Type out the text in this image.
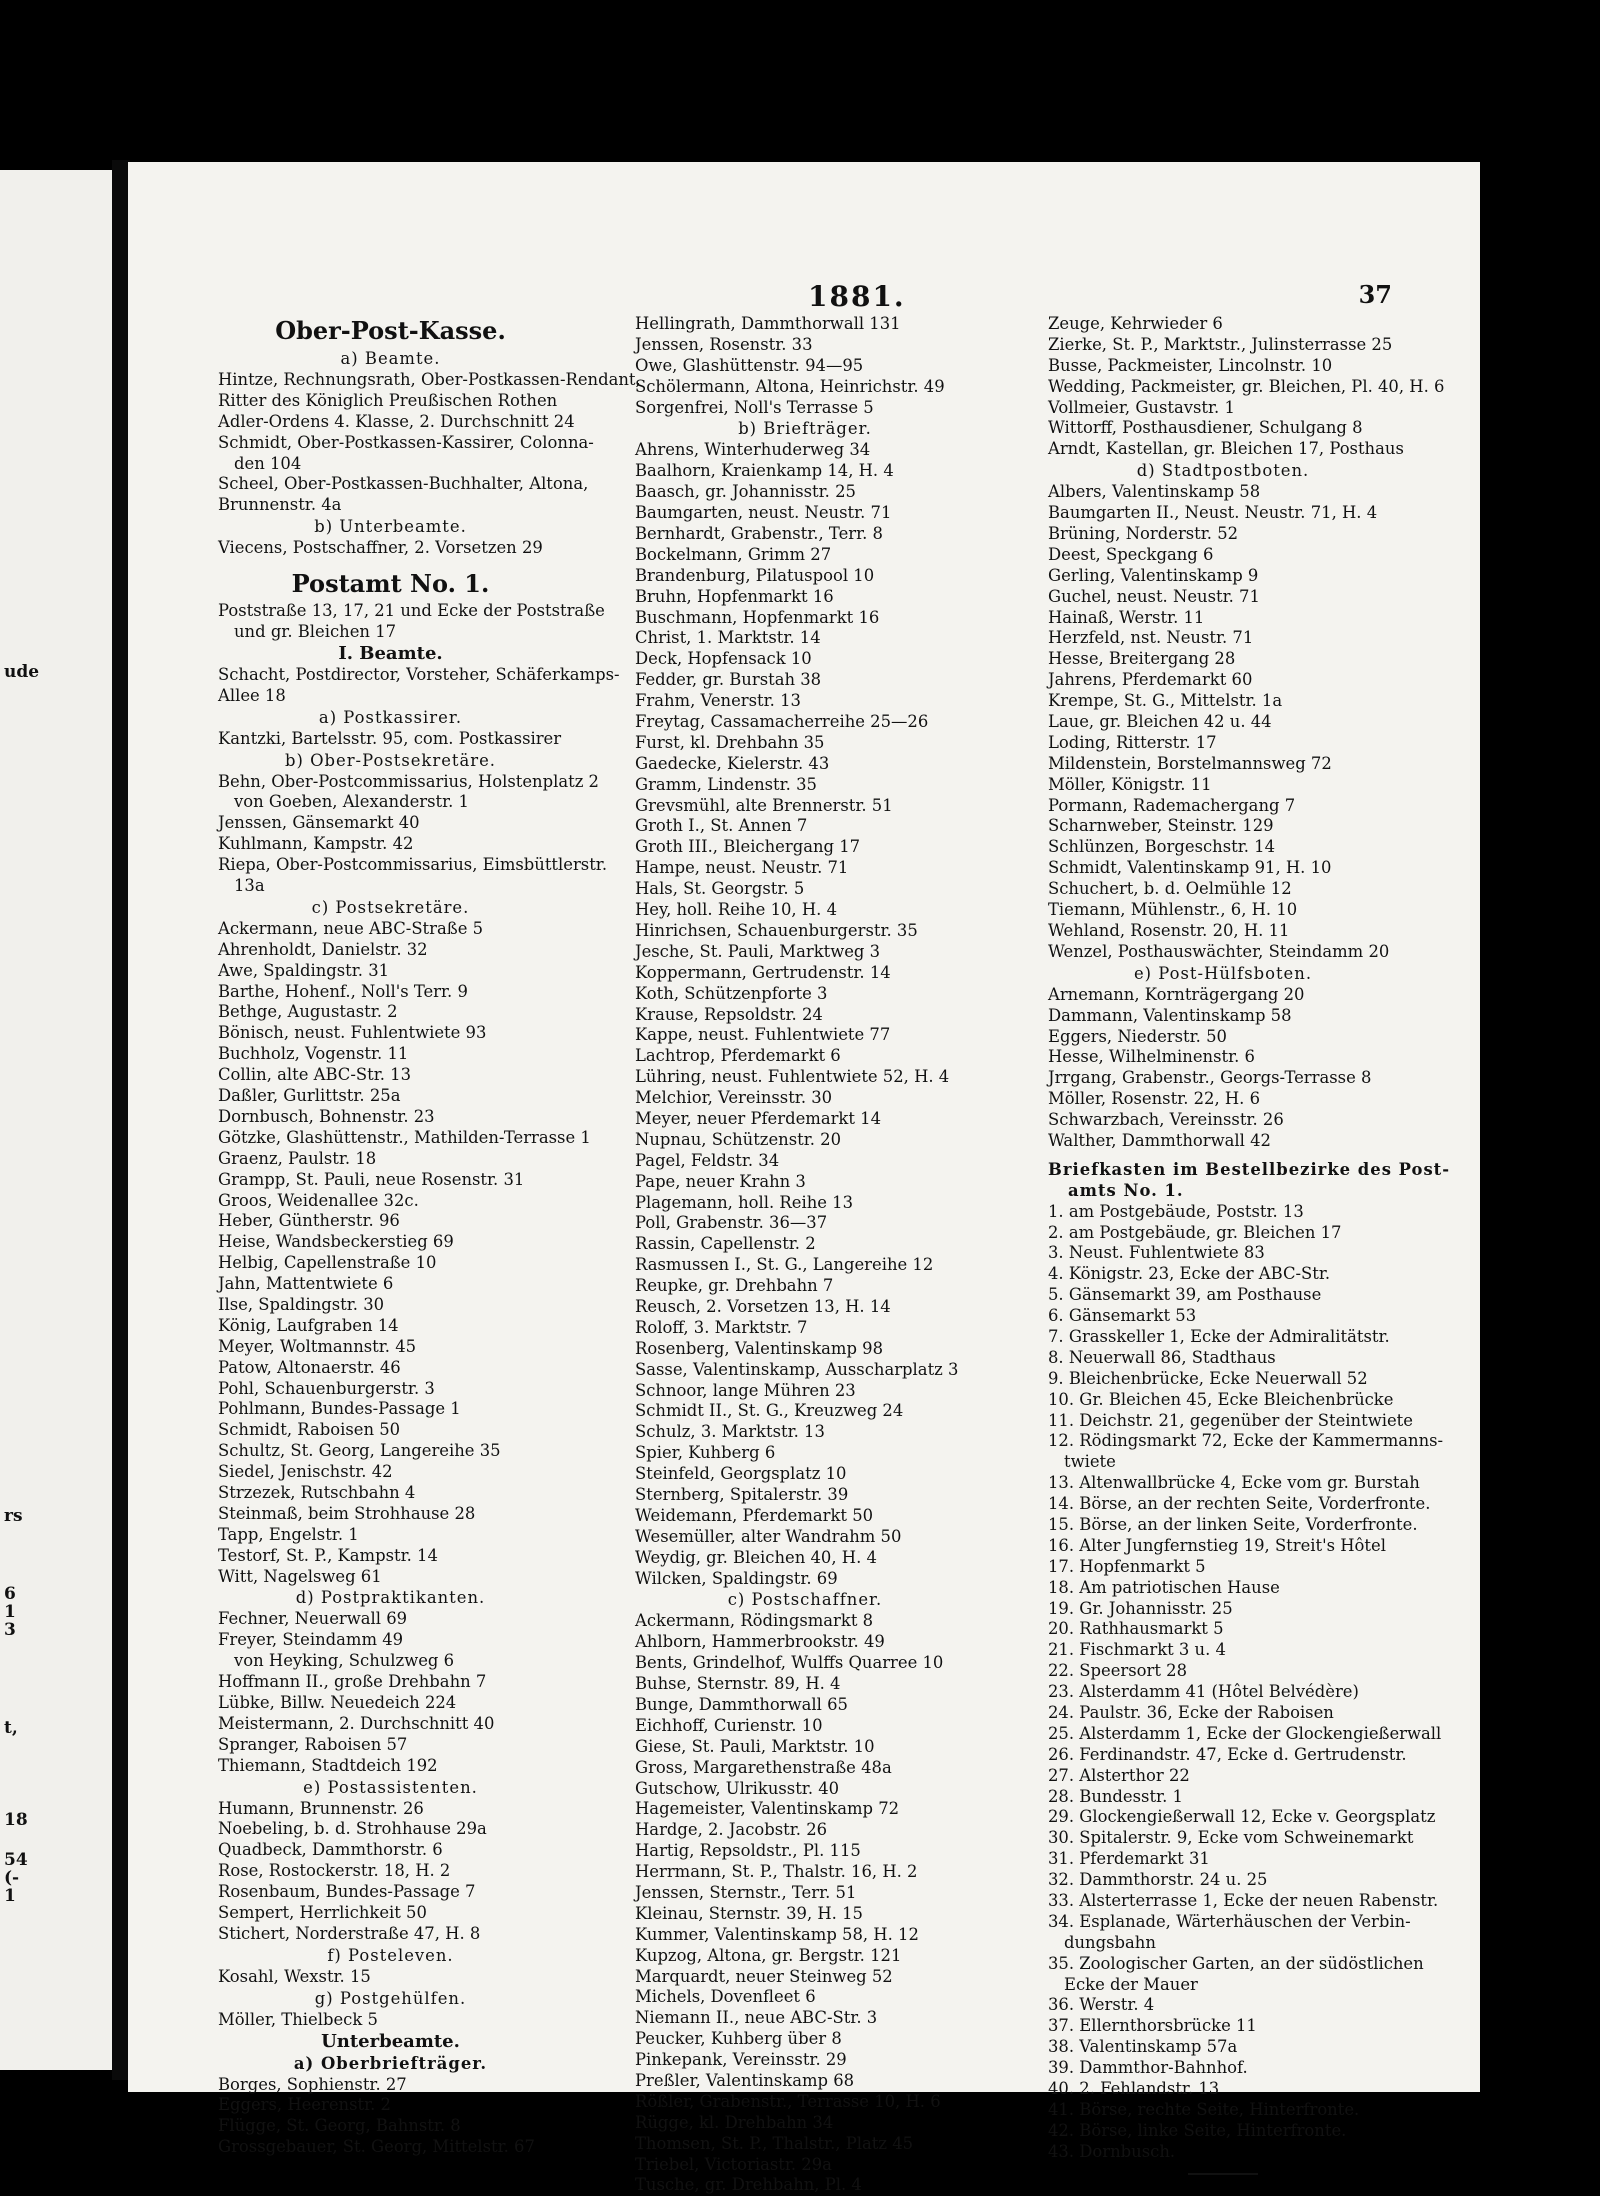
ude
rs
6
1
3
t,
18
54
(-
1
1881.	37
Ober-Post-Kasse.
a) Beamte.
Hintze, Rechnungsrath, Ober-Postkassen-Rendant,
Ritter des Königlich Preußischen Rothen
Adler-Ordens 4. Klasse, 2. Durchschnitt 24
Schmidt, Ober-Postkassen-Kassirer, Colonna-
den 104
Scheel, Ober-Postkassen-Buchhalter, Altona,
Brunnenstr. 4a
b) Unterbeamte.
Viecens, Postschaffner, 2. Vorsetzen 29
Postamt No. 1.
Poststraße 13, 17, 21 und Ecke der Poststraße
und gr. Bleichen 17
I. Beamte.
Schacht, Postdirector, Vorsteher, Schäferkamps-
Allee 18
a) Postkassirer.
Kantzki, Bartelsstr. 95, com. Postkassirer
b) Ober-Postsekretäre.
Behn, Ober-Postcommissarius, Holstenplatz 2
von Goeben, Alexanderstr. 1
Jenssen, Gänsemarkt 40
Kuhlmann, Kampstr. 42
Riepa, Ober-Postcommissarius, Eimsbüttlerstr.
13a
c) Postsekretäre.
Ackermann, neue ABC-Straße 5
Ahrenholdt, Danielstr. 32
Awe, Spaldingstr. 31
Barthe, Hohenf., Noll's Terr. 9
Bethge, Augustastr. 2
Bönisch, neust. Fuhlentwiete 93
Buchholz, Vogenstr. 11
Collin, alte ABC-Str. 13
Daßler, Gurlittstr. 25a
Dornbusch, Bohnenstr. 23
Götzke, Glashüttenstr., Mathilden-Terrasse 1
Graenz, Paulstr. 18
Grampp, St. Pauli, neue Rosenstr. 31
Groos, Weidenallee 32c.
Heber, Güntherstr. 96
Heise, Wandsbeckerstieg 69
Helbig, Capellenstraße 10
Jahn, Mattentwiete 6
Ilse, Spaldingstr. 30
König, Laufgraben 14
Meyer, Woltmannstr. 45
Patow, Altonaerstr. 46
Pohl, Schauenburgerstr. 3
Pohlmann, Bundes-Passage 1
Schmidt, Raboisen 50
Schultz, St. Georg, Langereihe 35
Siedel, Jenischstr. 42
Strzezek, Rutschbahn 4
Steinmaß, beim Strohhause 28
Tapp, Engelstr. 1
Testorf, St. P., Kampstr. 14
Witt, Nagelsweg 61
d) Postpraktikanten.
Fechner, Neuerwall 69
Freyer, Steindamm 49
von Heyking, Schulzweg 6
Hoffmann II., große Drehbahn 7
Lübke, Billw. Neuedeich 224
Meistermann, 2. Durchschnitt 40
Spranger, Raboisen 57
Thiemann, Stadtdeich 192
e) Postassistenten.
Humann, Brunnenstr. 26
Noebeling, b. d. Strohhause 29a
Quadbeck, Dammthorstr. 6
Rose, Rostockerstr. 18, H. 2
Rosenbaum, Bundes-Passage 7
Sempert, Herrlichkeit 50
Stichert, Norderstraße 47, H. 8
f) Posteleven.
Kosahl, Wexstr. 15
g) Postgehülfen.
Möller, Thielbeck 5
Unterbeamte.
a) Oberbriefträger.
Borges, Sophienstr. 27
Eggers, Heerenstr. 2
Flügge, St. Georg, Bahnstr. 8
Grossgebauer, St. Georg, Mittelstr. 67
Hellingrath, Dammthorwall 131
Jenssen, Rosenstr. 33
Owe, Glashüttenstr. 94—95
Schölermann, Altona, Heinrichstr. 49
Sorgenfrei, Noll's Terrasse 5
b) Briefträger.
Ahrens, Winterhuderweg 34
Baalhorn, Kraienkamp 14, H. 4
Baasch, gr. Johannisstr. 25
Baumgarten, neust. Neustr. 71
Bernhardt, Grabenstr., Terr. 8
Bockelmann, Grimm 27
Brandenburg, Pilatuspool 10
Bruhn, Hopfenmarkt 16
Buschmann, Hopfenmarkt 16
Christ, 1. Marktstr. 14
Deck, Hopfensack 10
Fedder, gr. Burstah 38
Frahm, Venerstr. 13
Freytag, Cassamacherreihe 25—26
Furst, kl. Drehbahn 35
Gaedecke, Kielerstr. 43
Gramm, Lindenstr. 35
Grevsmühl, alte Brennerstr. 51
Groth I., St. Annen 7
Groth III., Bleichergang 17
Hampe, neust. Neustr. 71
Hals, St. Georgstr. 5
Hey, holl. Reihe 10, H. 4
Hinrichsen, Schauenburgerstr. 35
Jesche, St. Pauli, Marktweg 3
Koppermann, Gertrudenstr. 14
Koth, Schützenpforte 3
Krause, Repsoldstr. 24
Kappe, neust. Fuhlentwiete 77
Lachtrop, Pferdemarkt 6
Lühring, neust. Fuhlentwiete 52, H. 4
Melchior, Vereinsstr. 30
Meyer, neuer Pferdemarkt 14
Nupnau, Schützenstr. 20
Pagel, Feldstr. 34
Pape, neuer Krahn 3
Plagemann, holl. Reihe 13
Poll, Grabenstr. 36—37
Rassin, Capellenstr. 2
Rasmussen I., St. G., Langereihe 12
Reupke, gr. Drehbahn 7
Reusch, 2. Vorsetzen 13, H. 14
Roloff, 3. Marktstr. 7
Rosenberg, Valentinskamp 98
Sasse, Valentinskamp, Ausscharplatz 3
Schnoor, lange Mühren 23
Schmidt II., St. G., Kreuzweg 24
Schulz, 3. Marktstr. 13
Spier, Kuhberg 6
Steinfeld, Georgsplatz 10
Sternberg, Spitalerstr. 39
Weidemann, Pferdemarkt 50
Wesemüller, alter Wandrahm 50
Weydig, gr. Bleichen 40, H. 4
Wilcken, Spaldingstr. 69
c) Postschaffner.
Ackermann, Rödingsmarkt 8
Ahlborn, Hammerbrookstr. 49
Bents, Grindelhof, Wulffs Quarree 10
Buhse, Sternstr. 89, H. 4
Bunge, Dammthorwall 65
Eichhoff, Curienstr. 10
Giese, St. Pauli, Marktstr. 10
Gross, Margarethenstraße 48a
Gutschow, Ulrikusstr. 40
Hagemeister, Valentinskamp 72
Hardge, 2. Jacobstr. 26
Hartig, Repsoldstr., Pl. 115
Herrmann, St. P., Thalstr. 16, H. 2
Jenssen, Sternstr., Terr. 51
Kleinau, Sternstr. 39, H. 15
Kummer, Valentinskamp 58, H. 12
Kupzog, Altona, gr. Bergstr. 121
Marquardt, neuer Steinweg 52
Michels, Dovenfleet 6
Niemann II., neue ABC-Str. 3
Peucker, Kuhberg über 8
Pinkepank, Vereinsstr. 29
Preßler, Valentinskamp 68
Rößler, Grabenstr., Terrasse 10, H. 6
Rügge, kl. Drehbahn 34
Thomsen, St. P., Thalstr., Platz 45
Triebel, Victoriastr. 29a
Tusche, gr. Drehbahn, Pl. 4
Zeuge, Kehrwieder 6
Zierke, St. P., Marktstr., Julinsterrasse 25
Busse, Packmeister, Lincolnstr. 10
Wedding, Packmeister, gr. Bleichen, Pl. 40, H. 6
Vollmeier, Gustavstr. 1
Wittorff, Posthausdiener, Schulgang 8
Arndt, Kastellan, gr. Bleichen 17, Posthaus
d) Stadtpostboten.
Albers, Valentinskamp 58
Baumgarten II., Neust. Neustr. 71, H. 4
Brüning, Norderstr. 52
Deest, Speckgang 6
Gerling, Valentinskamp 9
Guchel, neust. Neustr. 71
Hainaß, Werstr. 11
Herzfeld, nst. Neustr. 71
Hesse, Breitergang 28
Jahrens, Pferdemarkt 60
Krempe, St. G., Mittelstr. 1a
Laue, gr. Bleichen 42 u. 44
Loding, Ritterstr. 17
Mildenstein, Borstelmannsweg 72
Möller, Königstr. 11
Pormann, Rademachergang 7
Scharnweber, Steinstr. 129
Schlünzen, Borgeschstr. 14
Schmidt, Valentinskamp 91, H. 10
Schuchert, b. d. Oelmühle 12
Tiemann, Mühlenstr., 6, H. 10
Wehland, Rosenstr. 20, H. 11
Wenzel, Posthauswächter, Steindamm 20
e) Post-Hülfsboten.
Arnemann, Kornträgergang 20
Dammann, Valentinskamp 58
Eggers, Niederstr. 50
Hesse, Wilhelminenstr. 6
Jrrgang, Grabenstr., Georgs-Terrasse 8
Möller, Rosenstr. 22, H. 6
Schwarzbach, Vereinsstr. 26
Walther, Dammthorwall 42
Briefkasten im Bestellbezirke des Post-
amts No. 1.
1. am Postgebäude, Poststr. 13
2. am Postgebäude, gr. Bleichen 17
3. Neust. Fuhlentwiete 83
4. Königstr. 23, Ecke der ABC-Str.
5. Gänsemarkt 39, am Posthause
6. Gänsemarkt 53
7. Grasskeller 1, Ecke der Admiralitätstr.
8. Neuerwall 86, Stadthaus
9. Bleichenbrücke, Ecke Neuerwall 52
10. Gr. Bleichen 45, Ecke Bleichenbrücke
11. Deichstr. 21, gegenüber der Steintwiete
12. Rödingsmarkt 72, Ecke der Kammermanns-
twiete
13. Altenwallbrücke 4, Ecke vom gr. Burstah
14. Börse, an der rechten Seite, Vorderfronte.
15. Börse, an der linken Seite, Vorderfronte.
16. Alter Jungfernstieg 19, Streit's Hôtel
17. Hopfenmarkt 5
18. Am patriotischen Hause
19. Gr. Johannisstr. 25
20. Rathhausmarkt 5
21. Fischmarkt 3 u. 4
22. Speersort 28
23. Alsterdamm 41 (Hôtel Belvédère)
24. Paulstr. 36, Ecke der Raboisen
25. Alsterdamm 1, Ecke der Glockengießerwall
26. Ferdinandstr. 47, Ecke d. Gertrudenstr.
27. Alsterthor 22
28. Bundesstr. 1
29. Glockengießerwall 12, Ecke v. Georgsplatz
30. Spitalerstr. 9, Ecke vom Schweinemarkt
31. Pferdemarkt 31
32. Dammthorstr. 24 u. 25
33. Alsterterrasse 1, Ecke der neuen Rabenstr.
34. Esplanade, Wärterhäuschen der Verbin-
dungsbahn
35. Zoologischer Garten, an der südöstlichen
Ecke der Mauer
36. Werstr. 4
37. Ellernthorsbrücke 11
38. Valentinskamp 57a
39. Dammthor-Bahnhof.
40. 2. Fehlandstr. 13
41. Börse, rechte Seite, Hinterfronte.
42. Börse, linke Seite, Hinterfronte.
43. Dornbusch.
